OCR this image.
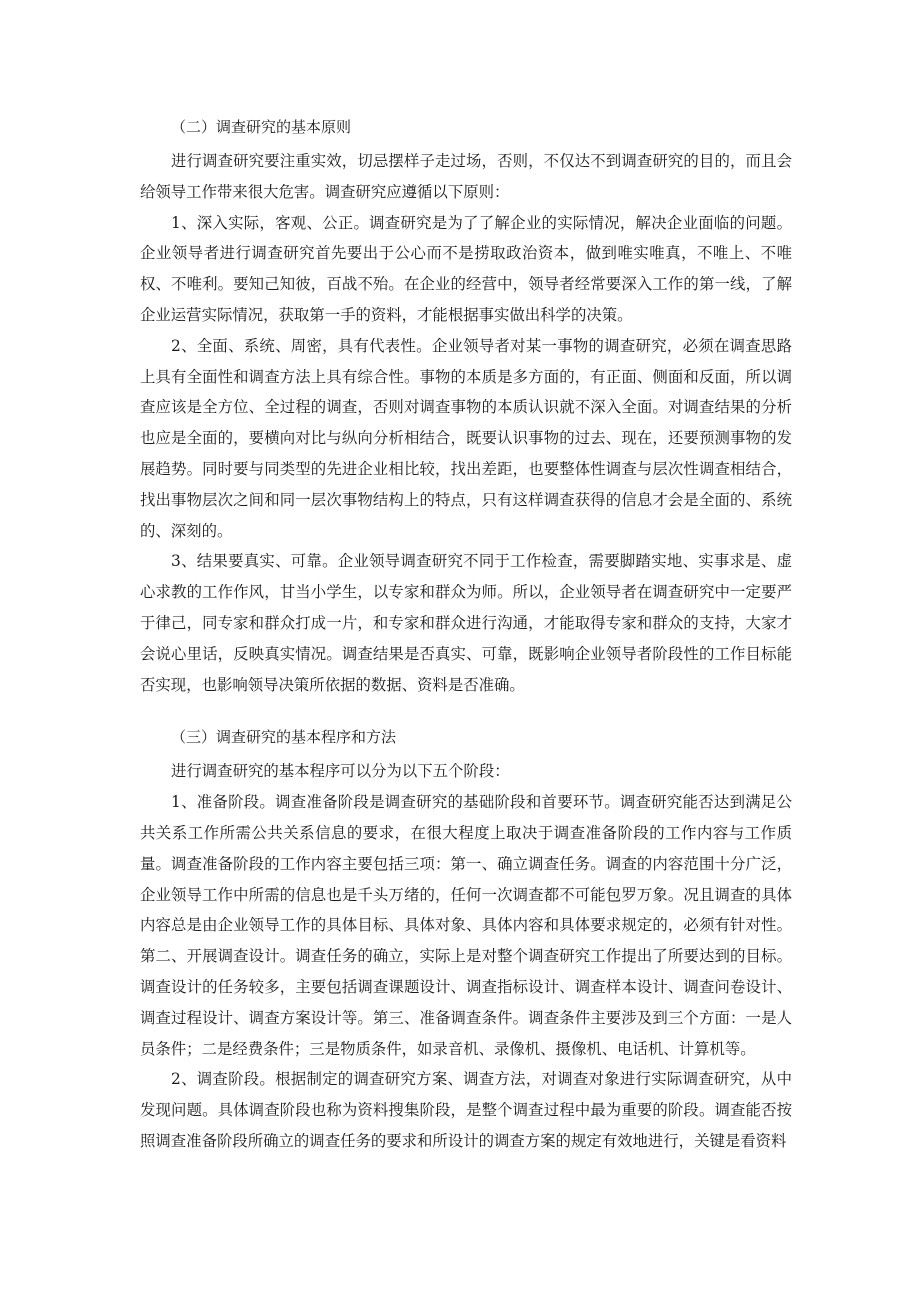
（二）调查研究的基本原则

进行调查研究要注重实效，切忌摆样子走过场，否则，不仅达不到调查研究的目的，而且会给领导工作带来很大危害。调查研究应遵循以下原则：

1、深入实际，客观、公正。调查研究是为了了解企业的实际情况，解决企业面临的问题。企业领导者进行调查研究首先要出于公心而不是捞取政治资本，做到唯实唯真，不唯上、不唯权、不唯利。要知己知彼，百战不殆。在企业的经营中，领导者经常要深入工作的第一线，了解企业运营实际情况，获取第一手的资料，才能根据事实做出科学的决策。

2、全面、系统、周密，具有代表性。企业领导者对某一事物的调查研究，必须在调查思路上具有全面性和调查方法上具有综合性。事物的本质是多方面的，有正面、侧面和反面，所以调查应该是全方位、全过程的调查，否则对调查事物的本质认识就不深入全面。对调查结果的分析也应是全面的，要横向对比与纵向分析相结合，既要认识事物的过去、现在，还要预测事物的发展趋势。同时要与同类型的先进企业相比较，找出差距，也要整体性调查与层次性调查相结合，找出事物层次之间和同一层次事物结构上的特点，只有这样调查获得的信息才会是全面的、系统的、深刻的。

3、结果要真实、可靠。企业领导调查研究不同于工作检查，需要脚踏实地、实事求是、虚心求教的工作作风，甘当小学生，以专家和群众为师。所以，企业领导者在调查研究中一定要严于律己，同专家和群众打成一片，和专家和群众进行沟通，才能取得专家和群众的支持，大家才会说心里话，反映真实情况。调查结果是否真实、可靠，既影响企业领导者阶段性的工作目标能否实现，也影响领导决策所依据的数据、资料是否准确。

（三）调查研究的基本程序和方法

进行调查研究的基本程序可以分为以下五个阶段：

1、准备阶段。调查准备阶段是调查研究的基础阶段和首要环节。调查研究能否达到满足公共关系工作所需公共关系信息的要求，在很大程度上取决于调查准备阶段的工作内容与工作质量。调查准备阶段的工作内容主要包括三项：第一、确立调查任务。调查的内容范围十分广泛，企业领导工作中所需的信息也是千头万绪的，任何一次调查都不可能包罗万象。况且调查的具体内容总是由企业领导工作的具体目标、具体对象、具体内容和具体要求规定的，必须有针对性。第二、开展调查设计。调查任务的确立，实际上是对整个调查研究工作提出了所要达到的目标。调查设计的任务较多，主要包括调查课题设计、调查指标设计、调查样本设计、调查问卷设计、调查过程设计、调查方案设计等。第三、准备调查条件。调查条件主要涉及到三个方面：一是人员条件；二是经费条件；三是物质条件，如录音机、录像机、摄像机、电话机、计算机等。

2、调查阶段。根据制定的调查研究方案、调查方法，对调查对象进行实际调查研究，从中发现问题。具体调查阶段也称为资料搜集阶段，是整个调查过程中最为重要的阶段。调查能否按照调查准备阶段所确立的调查任务的要求和所设计的调查方案的规定有效地进行，关键是看资料
